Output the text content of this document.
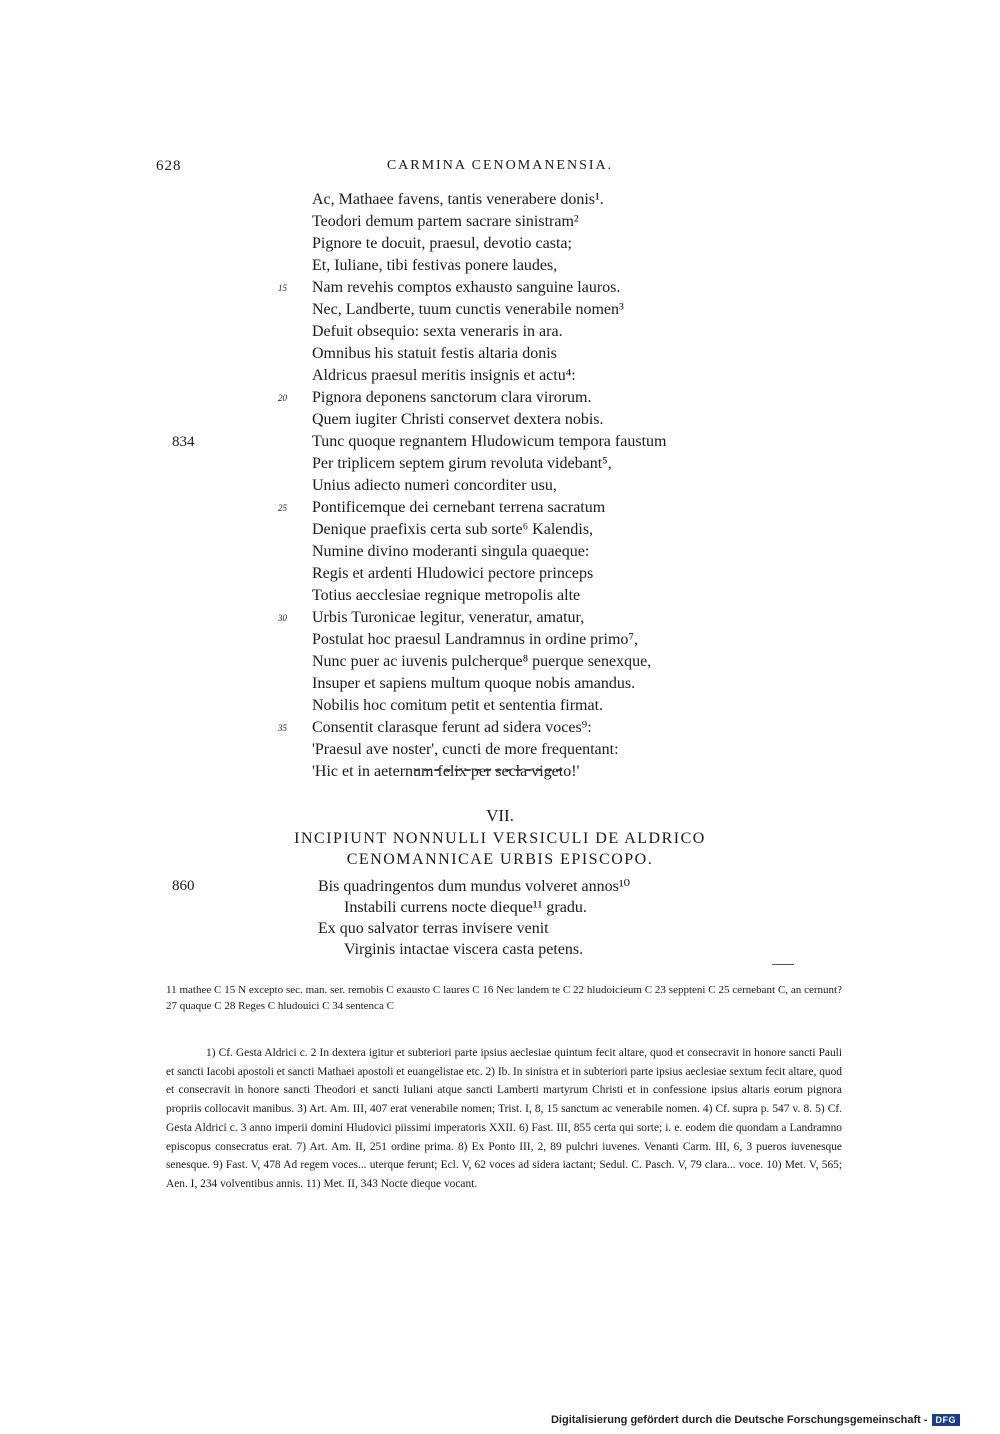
628	CARMINA CENOMANENSIA.
Ac, Mathaee favens, tantis venerabere donis¹.
Teodori demum partem sacrare sinistram²
Pignore te docuit, praesul, devotio casta;
Et, Iuliane, tibi festivas ponere laudes,
15 Nam revehis comptos exhausto sanguine lauros.
Nec, Landberte, tuum cunctis venerabile nomen³
Defuit obsequio: sexta veneraris in ara.
Omnibus his statuit festis altaria donis
Aldricus praesul meritis insignis et actu⁴:
20 Pignora deponens sanctorum clara virorum.
Quem iugiter Christi conservet dextera nobis.
834	Tunc quoque regnantem Hludowicum tempora faustum
Per triplicem septem girum revoluta videbant⁵,
Unius adiecto numeri concorditer usu,
25 Pontificemque dei cernebant terrena sacratum
Denique praefixis certa sub sorte⁶ Kalendis,
Numine divino moderanti singula quaeque:
Regis et ardenti Hludowici pectore princeps
Totius aecclesiae regnique metropolis alte
30 Urbis Turonicae legitur, veneratur, amatur,
Postulat hoc praesul Landramnus in ordine primo⁷,
Nunc puer ac iuvenis pulcherque⁸ puerque senexque,
Insuper et sapiens multum quoque nobis amandus.
Nobilis hoc comitum petit et sententia firmat.
35 Consentit clarasque ferunt ad sidera voces⁹:
'Praesul ave noster', cuncti de more frequentant:
'Hic et in aeternum felix per secla vigeto!'
VII.
INCIPIUNT NONNULLI VERSICULI DE ALDRICO
CENOMANNICAE URBIS EPISCOPO.
860	Bis quadringentos dum mundus volveret annos¹⁰
Instabili currens nocte dieque¹¹ gradu.
Ex quo salvator terras invisere venit
Virginis intactae viscera casta petens.
11 mathee C 15 N excepto sec. man. ser. remobis C exausto C laures C 16 Nec landem te C 22 hludoicieum C 23 seppteni C 25 cernebant C, an cernunt? 27 quaque C 28 Reges C hludouici C 34 sentenca C
1) Cf. Gesta Aldrici c. 2 In dextera igitur et subteriori parte ipsius aeclesiae quintum fecit altare, quod et consecravit in honore sancti Pauli et sancti Iacobi apostoli et sancti Mathaei apostoli et euangelistae etc. 2) Ib. In sinistra et in subteriori parte ipsius aeclesiae sextum fecit altare, quod et consecravit in honore sancti Theodori et sancti Iuliani atque sancti Lamberti martyrum Christi et in confessione ipsius altaris eorum pignora propriis collocavit manibus. 3) Art. Am. III, 407 erat venerabile nomen; Trist. I, 8, 15 sanctum ac venerabile nomen. 4) Cf. supra p. 547 v. 8. 5) Cf. Gesta Aldrici c. 3 anno imperii domini Hludovici piissimi imperatoris XXII. 6) Fast. III, 855 certa qui sorte; i. e. eodem die quondam a Landramno episcopus consecratus erat. 7) Art. Am. II, 251 ordine prima. 8) Ex Ponto III, 2, 89 pulchri iuvenes. Venanti Carm. III, 6, 3 pueros iuvenesque senesque. 9) Fast. V, 478 Ad regem voces... uterque ferunt; Ecl. V, 62 voces ad sidera iactant; Sedul. C. Pasch. V, 79 clara... voce. 10) Met. V, 565; Aen. I, 234 volventibus annis. 11) Met. II, 343 Nocte dieque vocant.
Digitalisierung gefördert durch die Deutsche Forschungsgemeinschaft - DFG
